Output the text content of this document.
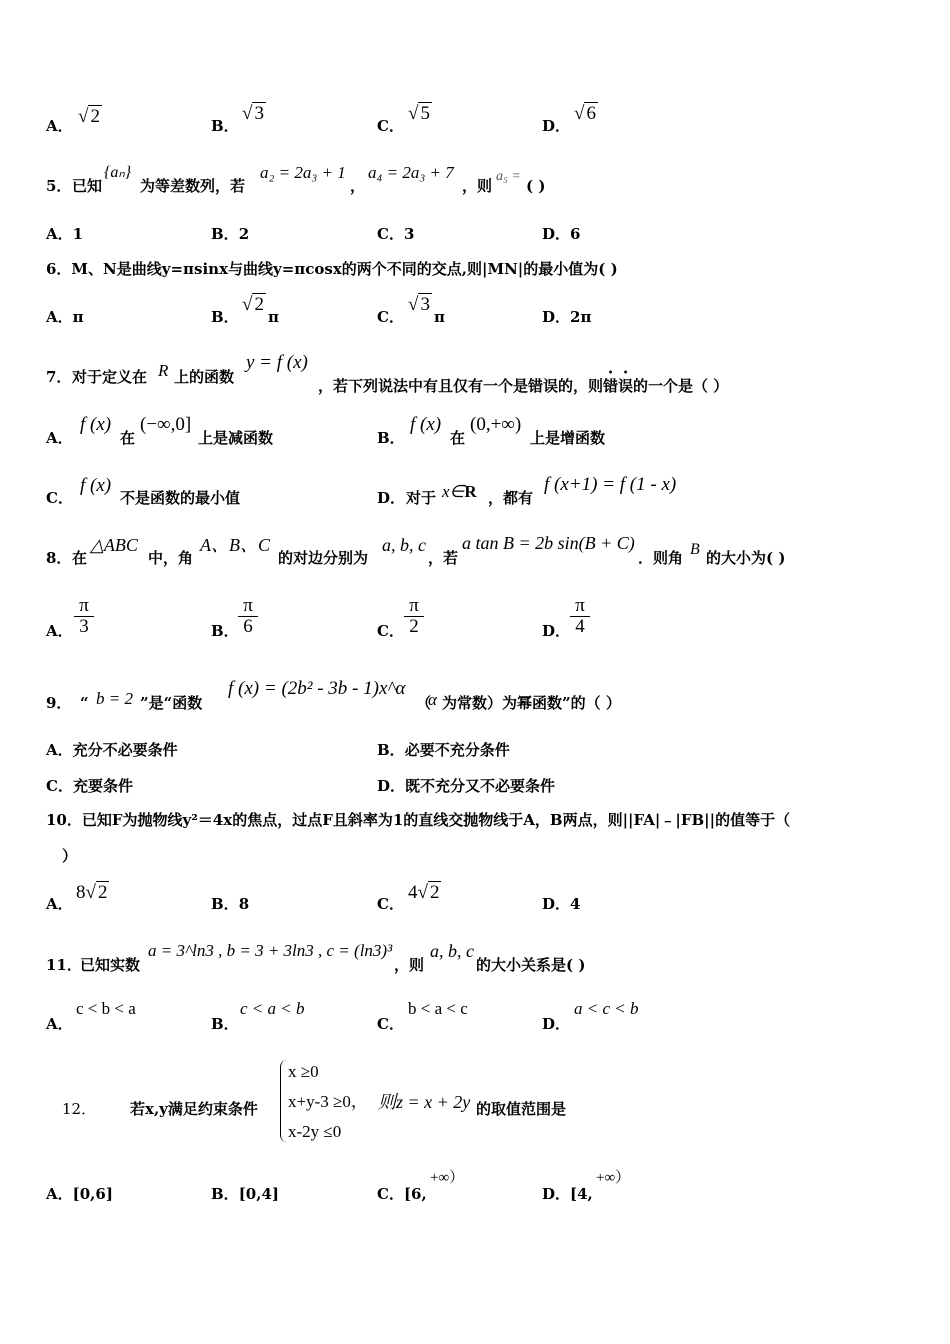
A． √ 2	B．
√ 3
C．
√ 5
D．
√ 6
5． 已知
{aₙ}
为等差数列，若
a₂ = 2a₃ + 1
，
a₄ = 2a₃ + 7
，则
a₅ =
( )
A．1	B．2	C．3	D．6
6．M、N是曲线y=πsinx与曲线y=πcosx的两个不同的交点,则|MN|的最小值为( )
A．π	B．
√ 2
π	C．
√ 3
π	D．2π
7． 对于定义在 R 上的函数
y = f (x)
，若下列说法中有且仅有一个是错误的，则错误的一个是（ ）
A．
f (x)
在
(−∞,0]
上是减函数	B．
f (x)
在
(0,+∞)
上是增函数
C．
f (x)
不是函数的最小值	D． 对于 x∈R ，都有
f (x+1) = f (1 - x)
8． 在
△ABC
中，角
A、B、C
的对边分别为
a, b, c
，若
a tan B = 2b sin(B + C)
．则角 B 的大小为( )
A． $\frac{\pi}{3}$	B． $\frac{\pi}{6}$	C． $\frac{\pi}{2}$	D． $\frac{\pi}{4}$
9． “ b = 2 ”是“函数
f (x) = (2b² - 3b - 1)x^α
（
α 为常数）为幂函数”的（ ）
A．充分不必要条件	B．必要不充分条件
C．充要条件	D．既不充分又不必要条件
10．已知F为抛物线y²＝4x的焦点，过点F且斜率为1的直线交抛物线于A，B两点，则||FA|﹣|FB||的值等于（
）
A．
8√ 2
B．8	C．
4√ 2
D．4
11．
已知实数
a = 3^ln3 , b = 3 + 3ln3 , c = (ln3)³
，则
a, b, c
的大小关系是( )
A．
c < b < a
B．
c < a < b
C．
b < a < c
D．
a < c < b
12． 若x,y满足约束条件
x ≥0
x+y-3 ≥0，
x-2y ≤0
则z = x + 2y 的取值范围是
A．[0,6]	B．[0,4]	C．[6,
+∞）
D．[4,
+∞）
